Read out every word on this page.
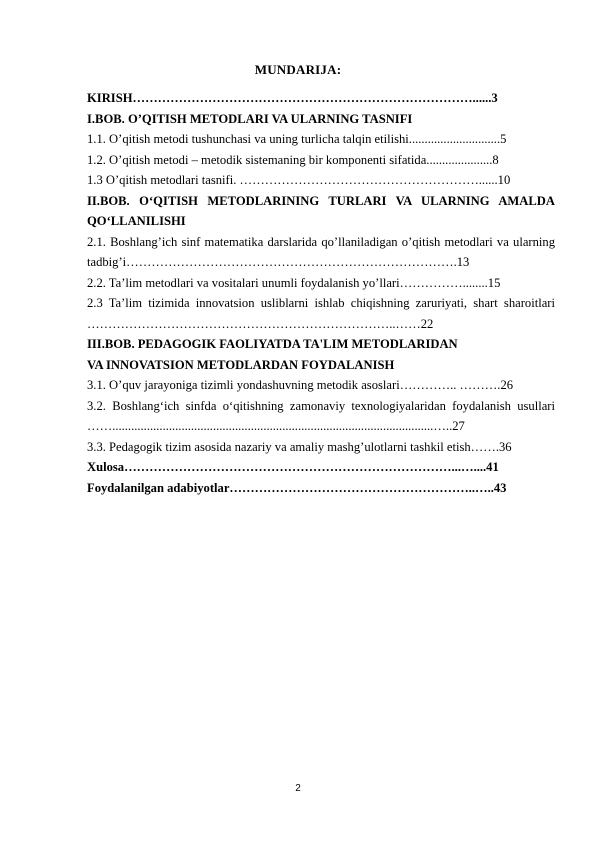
MUNDARIJA:

KIRISH………………………………………………………………………......3

I.BOB. O’QITISH METODLARI VA ULARNING TASNIFI

1.1. O’qitish metodi tushunchasi va uning turlicha talqin etilishi.............................5

1.2. O’qitish metodi – metodik sistemaning bir komponenti sifatida.....................8

1.3 O’qitish metodlari tasnifi. …………………………………………………......10

II.BOB. O‘QITISH METODLARINING TURLARI VA ULARNING AMALDA QO‘LLANILISHI

2.1. Boshlang’ich sinf matematika darslarida qo’llaniladigan o’qitish metodlari va ularning tadbig’i…………………………………………………………………….13

2.2. Ta’lim metodlari va vositalari unumli foydalanish yo’llari……………........15

2.3 Ta’lim tizimida innovatsion usliblarni ishlab chiqishning zaruriyati, shart sharoitlari ………………………………………………………………..……22

III.BOB. PEDAGOGIK FAOLIYATDA TA'LIM METODLARIDAN

VA INNOVATSION METODLARDAN FOYDALANISH

3.1. O’quv jarayoniga tizimli yondashuvning metodik asoslari………….. ……….26

3.2. Boshlang‘ich sinfda o‘qitishning zamonaviy texnologiyalaridan foydalanish usullari ……......................................................................................................…..27

3.3. Pedagogik tizim asosida nazariy va amaliy mashg’ulotlarni tashkil etish…….36

Xulosa……………………………………………………………………...…....41

Foydalanilgan adabiyotlar…………………………………………………..…..43

2
